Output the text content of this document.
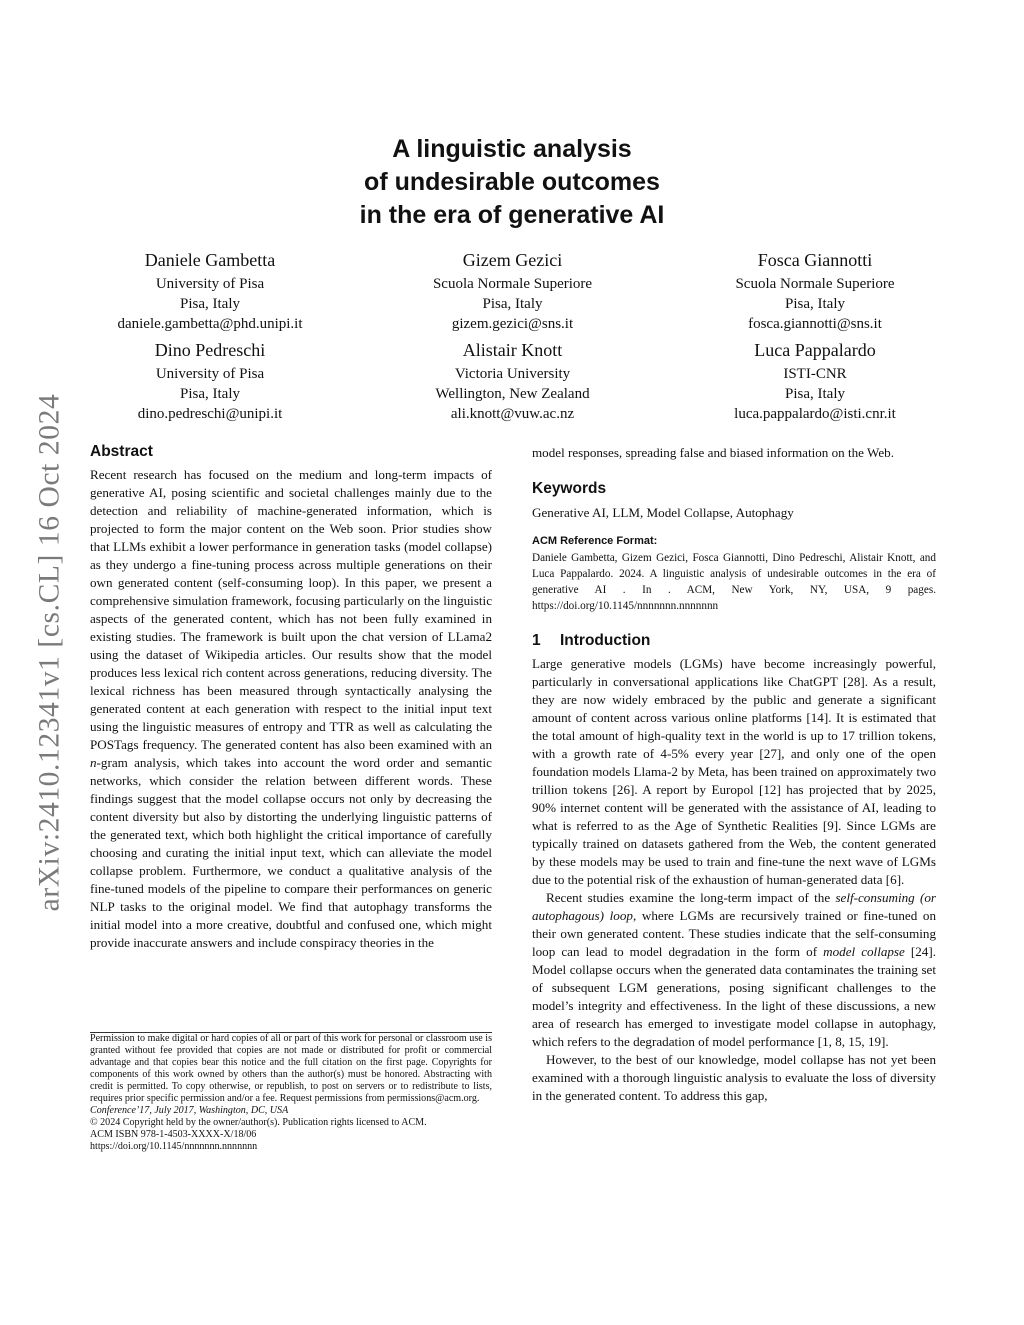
arXiv:2410.12341v1 [cs.CL] 16 Oct 2024
A linguistic analysis
of undesirable outcomes
in the era of generative AI
Daniele Gambetta
University of Pisa
Pisa, Italy
daniele.gambetta@phd.unipi.it
Gizem Gezici
Scuola Normale Superiore
Pisa, Italy
gizem.gezici@sns.it
Fosca Giannotti
Scuola Normale Superiore
Pisa, Italy
fosca.giannotti@sns.it
Dino Pedreschi
University of Pisa
Pisa, Italy
dino.pedreschi@unipi.it
Alistair Knott
Victoria University
Wellington, New Zealand
ali.knott@vuw.ac.nz
Luca Pappalardo
ISTI-CNR
Pisa, Italy
luca.pappalardo@isti.cnr.it
Abstract

Recent research has focused on the medium and long-term impacts of generative AI, posing scientific and societal challenges mainly due to the detection and reliability of machine-generated information, which is projected to form the major content on the Web soon. Prior studies show that LLMs exhibit a lower performance in generation tasks (model collapse) as they undergo a fine-tuning process across multiple generations on their own generated content (self-consuming loop). In this paper, we present a comprehensive simulation framework, focusing particularly on the linguistic aspects of the generated content, which has not been fully examined in existing studies. The framework is built upon the chat version of LLama2 using the dataset of Wikipedia articles. Our results show that the model produces less lexical rich content across generations, reducing diversity. The lexical richness has been measured through syntactically analysing the generated content at each generation with respect to the initial input text using the linguistic measures of entropy and TTR as well as calculating the POSTags frequency. The generated content has also been examined with an n-gram analysis, which takes into account the word order and semantic networks, which consider the relation between different words. These findings suggest that the model collapse occurs not only by decreasing the content diversity but also by distorting the underlying linguistic patterns of the generated text, which both highlight the critical importance of carefully choosing and curating the initial input text, which can alleviate the model collapse problem. Furthermore, we conduct a qualitative analysis of the fine-tuned models of the pipeline to compare their performances on generic NLP tasks to the original model. We find that autophagy transforms the initial model into a more creative, doubtful and confused one, which might provide inaccurate answers and include conspiracy theories in the

Permission to make digital or hard copies of all or part of this work for personal or classroom use is granted without fee provided that copies are not made or distributed for profit or commercial advantage and that copies bear this notice and the full citation on the first page. Copyrights for components of this work owned by others than the author(s) must be honored. Abstracting with credit is permitted. To copy otherwise, or republish, to post on servers or to redistribute to lists, requires prior specific permission and/or a fee. Request permissions from permissions@acm.org.

Conference’17, July 2017, Washington, DC, USA
© 2024 Copyright held by the owner/author(s). Publication rights licensed to ACM.
ACM ISBN 978-1-4503-XXXX-X/18/06
https://doi.org/10.1145/nnnnnnn.nnnnnnn

model responses, spreading false and biased information on the Web.

Keywords

Generative AI, LLM, Model Collapse, Autophagy

ACM Reference Format:

Daniele Gambetta, Gizem Gezici, Fosca Giannotti, Dino Pedreschi, Alistair Knott, and Luca Pappalardo. 2024. A linguistic analysis of undesirable outcomes in the era of generative AI . In . ACM, New York, NY, USA, 9 pages. https://doi.org/10.1145/nnnnnnn.nnnnnnn

1	Introduction

Large generative models (LGMs) have become increasingly powerful, particularly in conversational applications like ChatGPT [28]. As a result, they are now widely embraced by the public and generate a significant amount of content across various online platforms [14]. It is estimated that the total amount of high-quality text in the world is up to 17 trillion tokens, with a growth rate of 4-5% every year [27], and only one of the open foundation models Llama-2 by Meta, has been trained on approximately two trillion tokens [26]. A report by Europol [12] has projected that by 2025, 90% internet content will be generated with the assistance of AI, leading to what is referred to as the Age of Synthetic Realities [9]. Since LGMs are typically trained on datasets gathered from the Web, the content generated by these models may be used to train and fine-tune the next wave of LGMs due to the potential risk of the exhaustion of human-generated data [6].

Recent studies examine the long-term impact of the self-consuming (or autophagous) loop, where LGMs are recursively trained or fine-tuned on their own generated content. These studies indicate that the self-consuming loop can lead to model degradation in the form of model collapse [24]. Model collapse occurs when the generated data contaminates the training set of subsequent LGM generations, posing significant challenges to the model’s integrity and effectiveness. In the light of these discussions, a new area of research has emerged to investigate model collapse in autophagy, which refers to the degradation of model performance [1, 8, 15, 19].

However, to the best of our knowledge, model collapse has not yet been examined with a thorough linguistic analysis to evaluate the loss of diversity in the generated content. To address this gap,
